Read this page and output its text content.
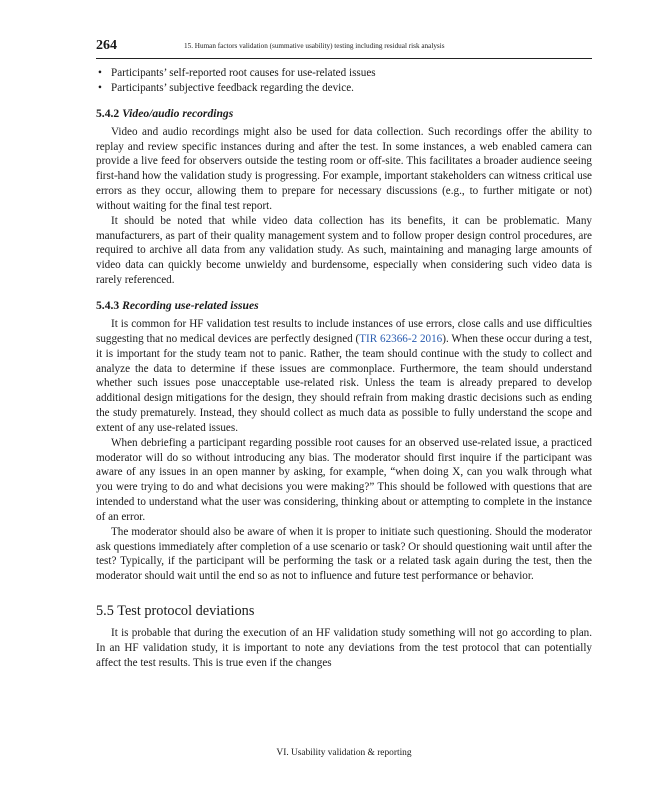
264	15. Human factors validation (summative usability) testing including residual risk analysis
• Participants’ self-reported root causes for use-related issues
• Participants’ subjective feedback regarding the device.
5.4.2 Video/audio recordings

Video and audio recordings might also be used for data collection. Such recordings offer the ability to replay and review specific instances during and after the test. In some instances, a web enabled camera can provide a live feed for observers outside the testing room or off-site. This facilitates a broader audience seeing first-hand how the validation study is progressing. For example, important stakeholders can witness critical use errors as they occur, allowing them to prepare for necessary discussions (e.g., to further mitigate or not) without waiting for the final test report.

It should be noted that while video data collection has its benefits, it can be problematic. Many manufacturers, as part of their quality management system and to follow proper design control procedures, are required to archive all data from any validation study. As such, maintaining and managing large amounts of video data can quickly become unwieldy and burdensome, especially when considering such video data is rarely referenced.

5.4.3 Recording use-related issues

It is common for HF validation test results to include instances of use errors, close calls and use difficulties suggesting that no medical devices are perfectly designed (TIR 62366-2 2016). When these occur during a test, it is important for the study team not to panic. Rather, the team should continue with the study to collect and analyze the data to determine if these issues are commonplace. Furthermore, the team should understand whether such issues pose unacceptable use-related risk. Unless the team is already prepared to develop additional design mitigations for the design, they should refrain from making drastic decisions such as ending the study prematurely. Instead, they should collect as much data as possible to fully understand the scope and extent of any use-related issues.

When debriefing a participant regarding possible root causes for an observed use-related issue, a practiced moderator will do so without introducing any bias. The moderator should first inquire if the participant was aware of any issues in an open manner by asking, for example, “when doing X, can you walk through what you were trying to do and what decisions you were making?” This should be followed with questions that are intended to understand what the user was considering, thinking about or attempting to complete in the instance of an error.

The moderator should also be aware of when it is proper to initiate such questioning. Should the moderator ask questions immediately after completion of a use scenario or task? Or should questioning wait until after the test? Typically, if the participant will be performing the task or a related task again during the test, then the moderator should wait until the end so as not to influence and future test performance or behavior.

5.5 Test protocol deviations

It is probable that during the execution of an HF validation study something will not go according to plan. In an HF validation study, it is important to note any deviations from the test protocol that can potentially affect the test results. This is true even if the changes

VI. Usability validation & reporting
